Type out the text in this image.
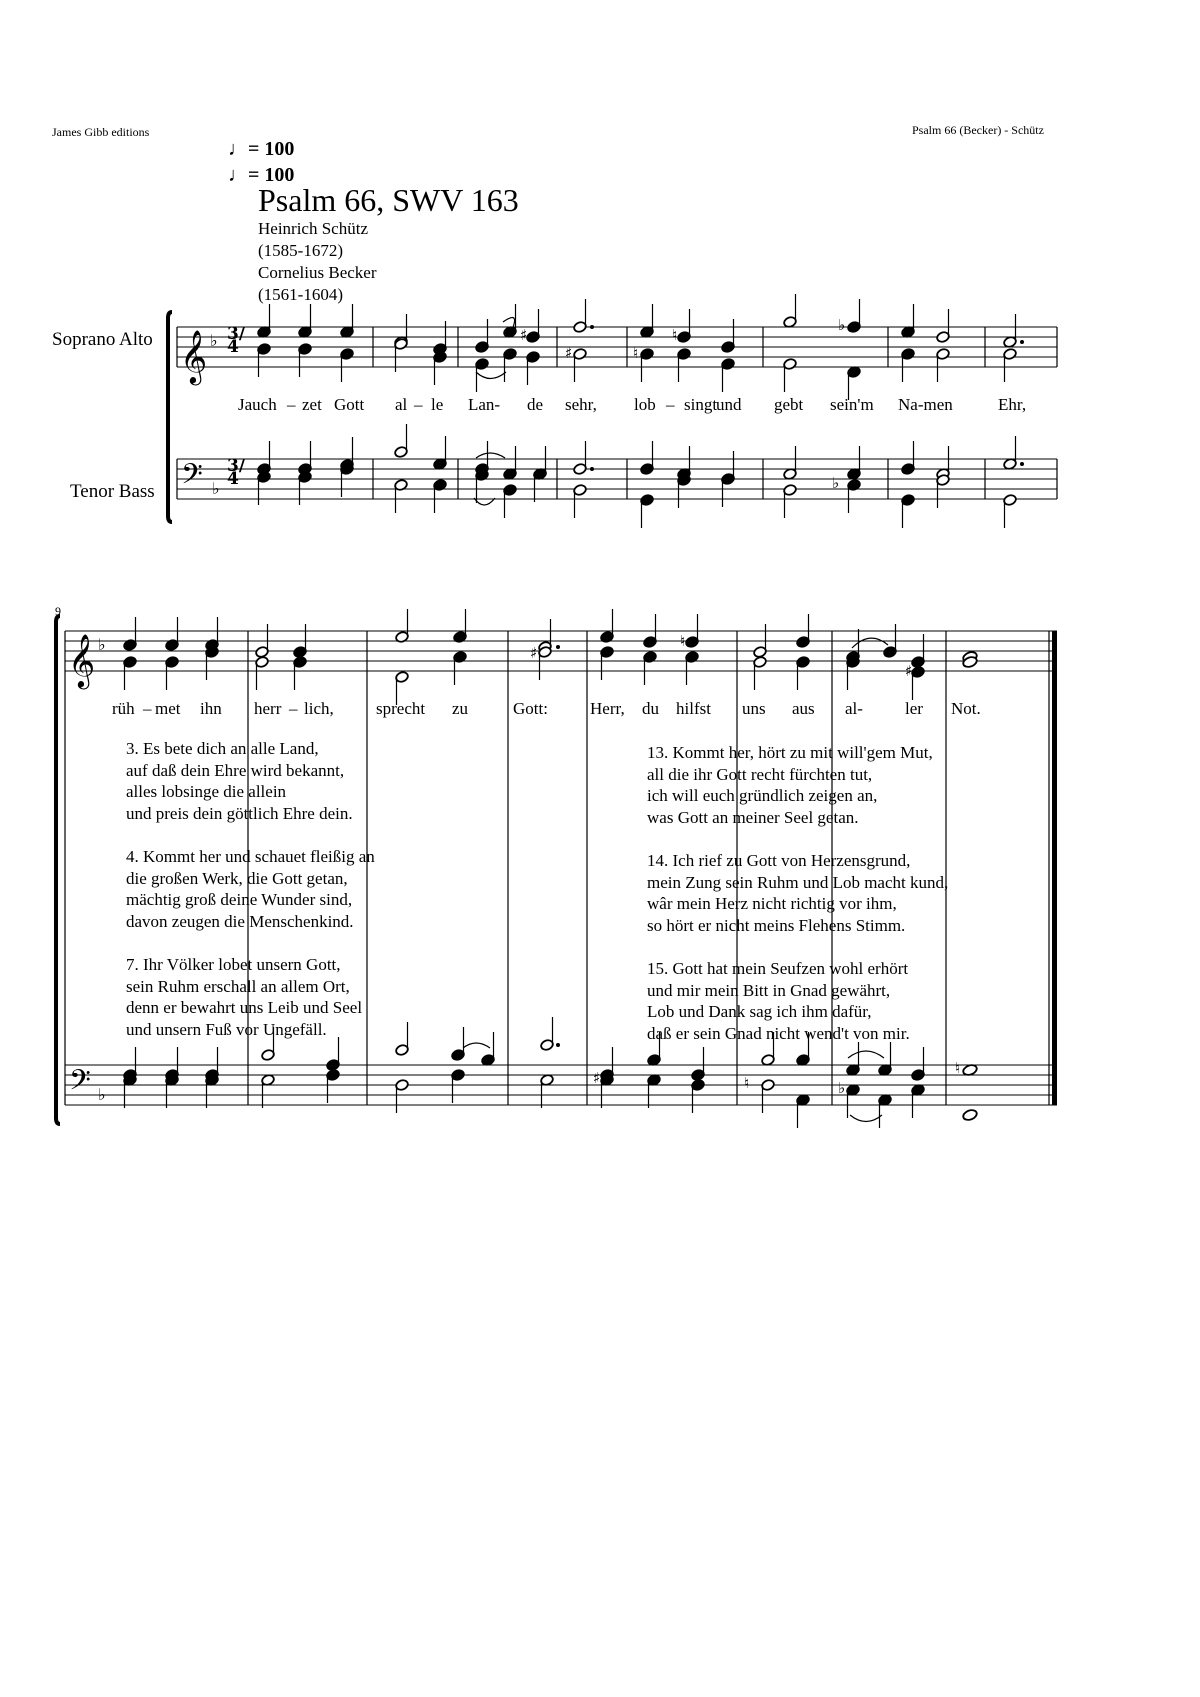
James Gibb editions	Psalm 66 (Becker) - Schütz
♩= 100
♩= 100
Psalm 66, SWV 163
Heinrich Schütz
(1585-1672)
Cornelius Becker
(1561-1604)
Soprano Alto
Tenor Bass
9
𝄞
𝄢
𝄞
𝄢
♭
♭
♭
♭
♯
♯	♮
♮
♭
♭
♯
♮
♯
♭
♯	♮
♮
3/4
3/4
Jauch – zet Gott al – le Lan- de sehr, lob – singt
und gebt sein'm Na-men	Ehr,
rüh – met ihn herr – lich, sprecht zu	Gott: Herr, du hilfst uns aus al- ler Not.
3. Es bete dich an alle Land,
auf daß dein Ehre wird bekannt,
alles lobsinge die allein
und preis dein göttlich Ehre dein.
4. Kommt her und schauet fleißig an
die großen Werk, die Gott getan,
mächtig groß deine Wunder sind,
davon zeugen die Menschenkind.
7. Ihr Völker lobet unsern Gott,
sein Ruhm erschall an allem Ort,
denn er bewahrt uns Leib und Seel
und unsern Fuß vor Ungefäll.
13. Kommt her, hört zu mit will'gem Mut,
all die ihr Gott recht fürchten tut,
ich will euch gründlich zeigen an,
was Gott an meiner Seel getan.
14. Ich rief zu Gott von Herzensgrund,
mein Zung sein Ruhm und Lob macht kund,
wâr mein Herz nicht richtig vor ihm,
so hört er nicht meins Flehens Stimm.
15. Gott hat mein Seufzen wohl erhört
und mir mein Bitt in Gnad gewährt,
Lob und Dank sag ich ihm dafür,
daß er sein Gnad nicht wend't von mir.
